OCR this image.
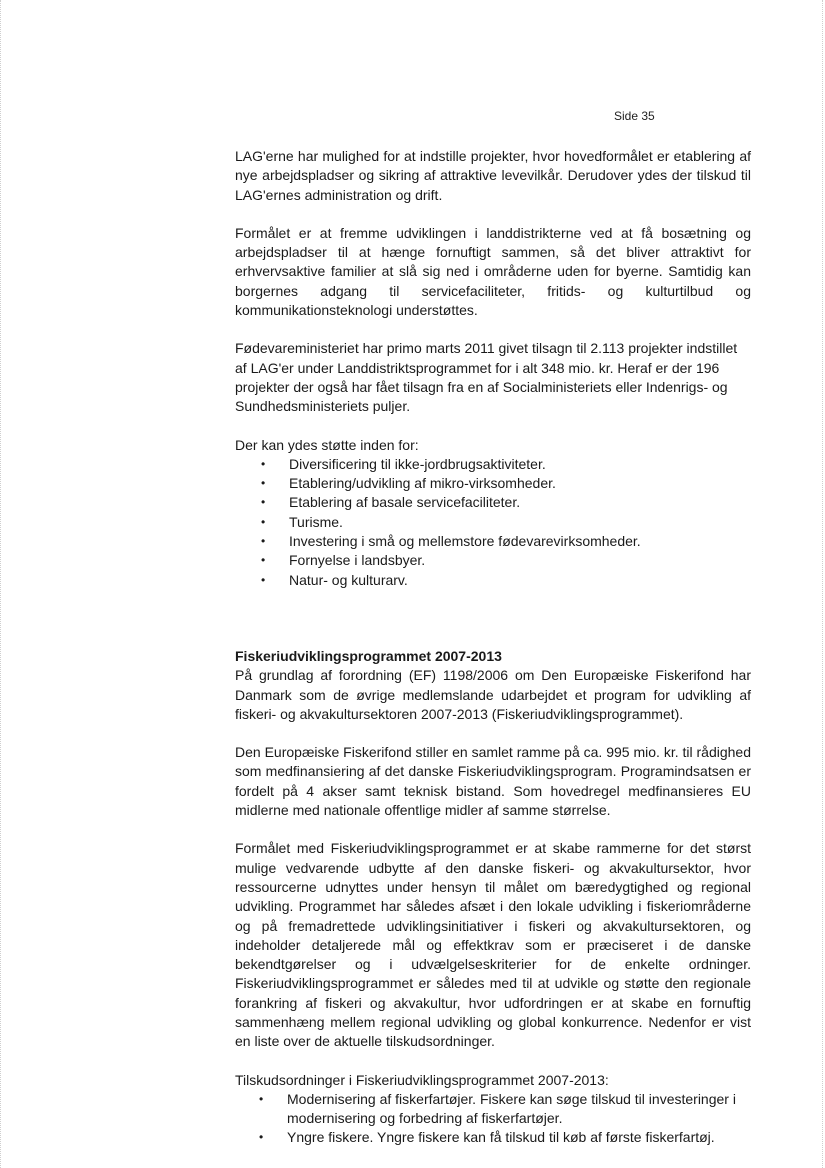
Side 35

LAG'erne har mulighed for at indstille projekter, hvor hovedformålet er etablering af nye arbejdspladser og sikring af attraktive levevilkår. Derudover ydes der tilskud til LAG'ernes administration og drift.

Formålet er at fremme udviklingen i landdistrikterne ved at få bosætning og arbejdspladser til at hænge fornuftigt sammen, så det bliver attraktivt for erhvervsaktive familier at slå sig ned i områderne uden for byerne. Samtidig kan borgernes adgang til servicefaciliteter, fritids- og kulturtilbud og kommunikationsteknologi understøttes.

Fødevareministeriet har primo marts 2011 givet tilsagn til 2.113 projekter indstillet af LAG'er under Landdistriktsprogrammet for i alt 348 mio. kr. Heraf er der 196 projekter der også har fået tilsagn fra en af Socialministeriets eller Indenrigs- og Sundhedsministeriets puljer.

Der kan ydes støtte inden for:

• Diversificering til ikke-jordbrugsaktiviteter.
• Etablering/udvikling af mikro-virksomheder.
• Etablering af basale servicefaciliteter.
• Turisme.
• Investering i små og mellemstore fødevarevirksomheder.
• Fornyelse i landsbyer.
• Natur- og kulturarv.

Fiskeriudviklingsprogrammet 2007-2013

På grundlag af forordning (EF) 1198/2006 om Den Europæiske Fiskerifond har Danmark som de øvrige medlemslande udarbejdet et program for udvikling af fiskeri- og akvakultursektoren 2007-2013 (Fiskeriudviklingsprogrammet).

Den Europæiske Fiskerifond stiller en samlet ramme på ca. 995 mio. kr. til rådighed som medfinansiering af det danske Fiskeriudviklingsprogram. Programindsatsen er fordelt på 4 akser samt teknisk bistand. Som hovedregel medfinansieres EU midlerne med nationale offentlige midler af samme størrelse.

Formålet med Fiskeriudviklingsprogrammet er at skabe rammerne for det størst mulige vedvarende udbytte af den danske fiskeri- og akvakultursektor, hvor ressourcerne udnyttes under hensyn til målet om bæredygtighed og regional udvikling. Programmet har således afsæt i den lokale udvikling i fiskeriområderne og på fremadrettede udviklingsinitiativer i fiskeri og akvakultursektoren, og indeholder detaljerede mål og effektkrav som er præciseret i de danske bekendtgørelser og i udvælgelseskriterier for de enkelte ordninger. Fiskeriudviklingsprogrammet er således med til at udvikle og støtte den regionale forankring af fiskeri og akvakultur, hvor udfordringen er at skabe en fornuftig sammenhæng mellem regional udvikling og global konkurrence. Nedenfor er vist en liste over de aktuelle tilskudsordninger.

Tilskudsordninger i Fiskeriudviklingsprogrammet 2007-2013:

• Modernisering af fiskerfartøjer. Fiskere kan søge tilskud til investeringer i modernisering og forbedring af fiskerfartøjer.
• Yngre fiskere. Yngre fiskere kan få tilskud til køb af første fiskerfartøj.
